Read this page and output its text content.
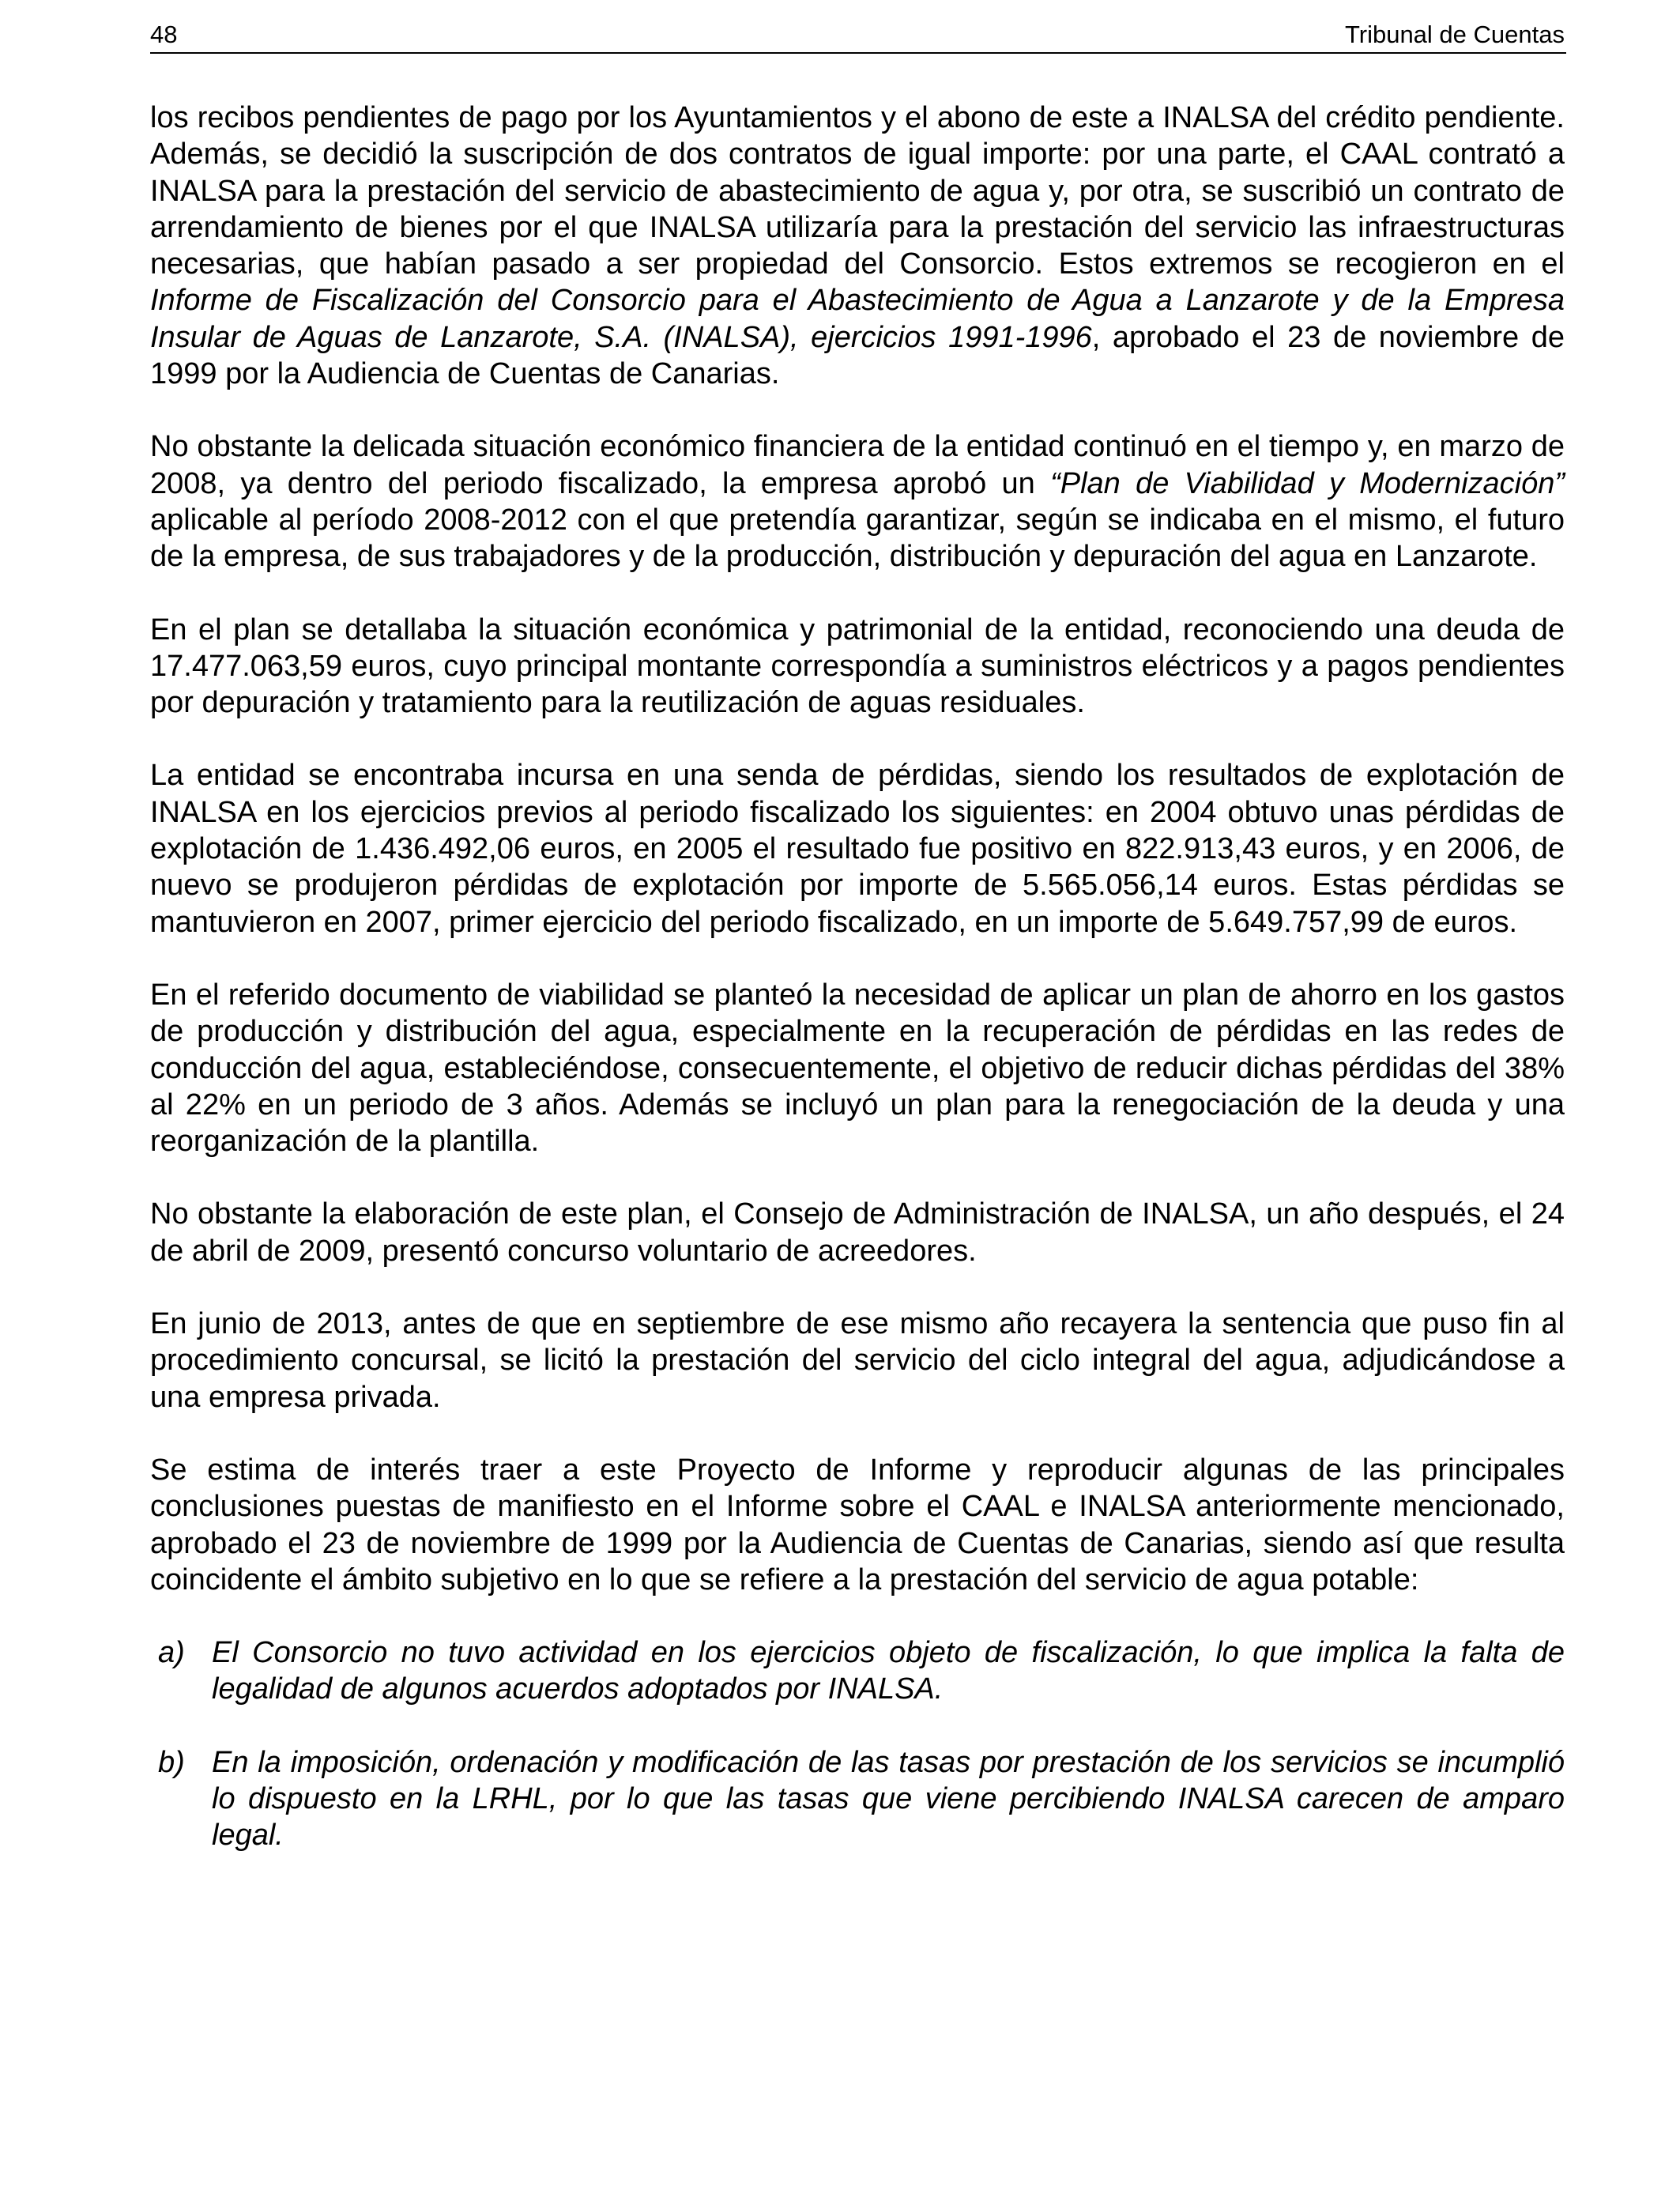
48	Tribunal de Cuentas

los recibos pendientes de pago por los Ayuntamientos y el abono de este a INALSA del crédito pendiente. Además, se decidió la suscripción de dos contratos de igual importe: por una parte, el CAAL contrató a INALSA para la prestación del servicio de abastecimiento de agua y, por otra, se suscribió un contrato de arrendamiento de bienes por el que INALSA utilizaría para la prestación del servicio las infraestructuras necesarias, que habían pasado a ser propiedad del Consorcio. Estos extremos se recogieron en el Informe de Fiscalización del Consorcio para el Abastecimiento de Agua a Lanzarote y de la Empresa Insular de Aguas de Lanzarote, S.A. (INALSA), ejercicios 1991-1996, aprobado el 23 de noviembre de 1999 por la Audiencia de Cuentas de Canarias.

No obstante la delicada situación económico financiera de la entidad continuó en el tiempo y, en marzo de 2008, ya dentro del periodo fiscalizado, la empresa aprobó un “Plan de Viabilidad y Modernización” aplicable al período 2008-2012 con el que pretendía garantizar, según se indicaba en el mismo, el futuro de la empresa, de sus trabajadores y de la producción, distribución y depuración del agua en Lanzarote.

En el plan se detallaba la situación económica y patrimonial de la entidad, reconociendo una deuda de 17.477.063,59 euros, cuyo principal montante correspondía a suministros eléctricos y a pagos pendientes por depuración y tratamiento para la reutilización de aguas residuales.

La entidad se encontraba incursa en una senda de pérdidas, siendo los resultados de explotación de INALSA en los ejercicios previos al periodo fiscalizado los siguientes: en 2004 obtuvo unas pérdidas de explotación de 1.436.492,06 euros, en 2005 el resultado fue positivo en 822.913,43 euros, y en 2006, de nuevo se produjeron pérdidas de explotación por importe de 5.565.056,14 euros. Estas pérdidas se mantuvieron en 2007, primer ejercicio del periodo fiscalizado, en un importe de 5.649.757,99 de euros.

En el referido documento de viabilidad se planteó la necesidad de aplicar un plan de ahorro en los gastos de producción y distribución del agua, especialmente en la recuperación de pérdidas en las redes de conducción del agua, estableciéndose, consecuentemente, el objetivo de reducir dichas pérdidas del 38% al 22% en un periodo de 3 años. Además se incluyó un plan para la renegociación de la deuda y una reorganización de la plantilla.

No obstante la elaboración de este plan, el Consejo de Administración de INALSA, un año después, el 24 de abril de 2009, presentó concurso voluntario de acreedores.

En junio de 2013, antes de que en septiembre de ese mismo año recayera la sentencia que puso fin al procedimiento concursal, se licitó la prestación del servicio del ciclo integral del agua, adjudicándose a una empresa privada.

Se estima de interés traer a este Proyecto de Informe y reproducir algunas de las principales conclusiones puestas de manifiesto en el Informe sobre el CAAL e INALSA anteriormente mencionado, aprobado el 23 de noviembre de 1999 por la Audiencia de Cuentas de Canarias, siendo así que resulta coincidente el ámbito subjetivo en lo que se refiere a la prestación del servicio de agua potable:

a) El Consorcio no tuvo actividad en los ejercicios objeto de fiscalización, lo que implica la falta de legalidad de algunos acuerdos adoptados por INALSA.
b) En la imposición, ordenación y modificación de las tasas por prestación de los servicios se incumplió lo dispuesto en la LRHL, por lo que las tasas que viene percibiendo INALSA carecen de amparo legal.
